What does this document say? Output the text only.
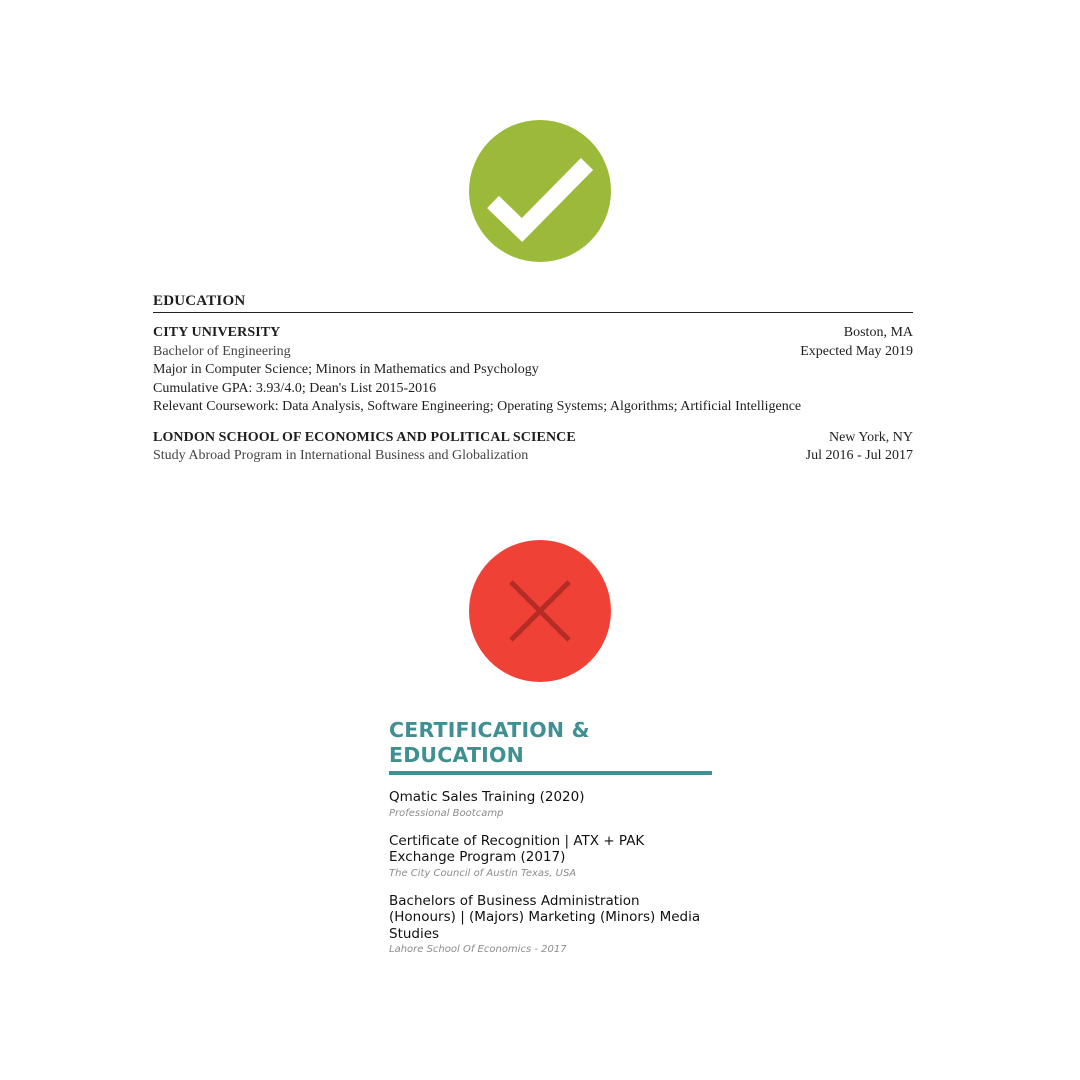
EDUCATION
CITY UNIVERSITY	Boston, MA
Bachelor of Engineering	Expected May 2019
Major in Computer Science; Minors in Mathematics and Psychology
Cumulative GPA: 3.93/4.0; Dean's List 2015-2016
Relevant Coursework: Data Analysis, Software Engineering; Operating Systems; Algorithms; Artificial Intelligence
LONDON SCHOOL OF ECONOMICS AND POLITICAL SCIENCE	New York, NY
Study Abroad Program in International Business and Globalization	Jul 2016 - Jul 2017
CERTIFICATION &
EDUCATION
Qmatic Sales Training (2020)
Professional Bootcamp
Certificate of Recognition | ATX + PAK Exchange Program (2017)
The City Council of Austin Texas, USA
Bachelors of Business Administration (Honours) | (Majors) Marketing (Minors) Media Studies
Lahore School Of Economics - 2017
